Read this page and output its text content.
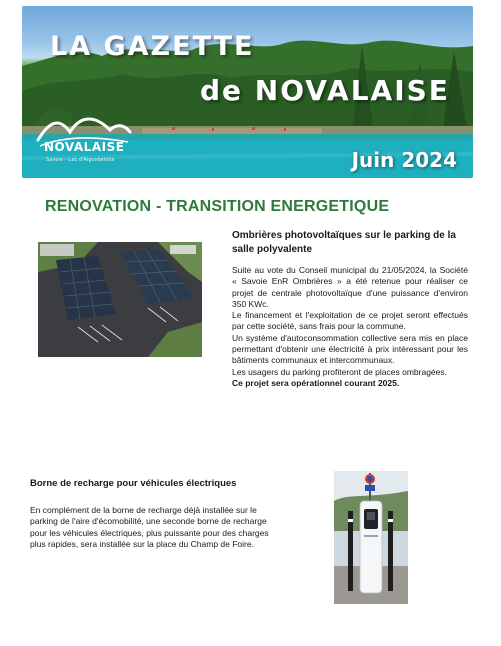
LA GAZETTE
de NOVALAISE
Juin 2024
NOVALAISE
Savoie - Lac d'Aiguebelette
RENOVATION - TRANSITION ENERGETIQUE
Ombrières photovoltaïques sur le parking de la salle polyvalente

Suite au vote du Conseil municipal du 21/05/2024, la Société « Savoie EnR Ombrières » a été retenue pour réaliser ce projet de centrale photovoltaïque d'une puissance d'environ 350 KWc.

Le financement et l'exploitation de ce projet seront effectués par cette société, sans frais pour la commune.

Un système d'autoconsommation collective sera mis en place permettant d'obtenir une électricité à prix intéressant pour les bâtiments communaux et intercommunaux.

Les usagers du parking profiteront de places ombragées.

Ce projet sera opérationnel courant 2025.

Borne de recharge pour véhicules électriques
En complément de la borne de recharge déjà installée sur le parking de l'aire d'écomobilité, une seconde borne de recharge pour les véhicules électriques, plus puissante pour des charges plus rapides, sera installée sur la place du Champ de Foire.
